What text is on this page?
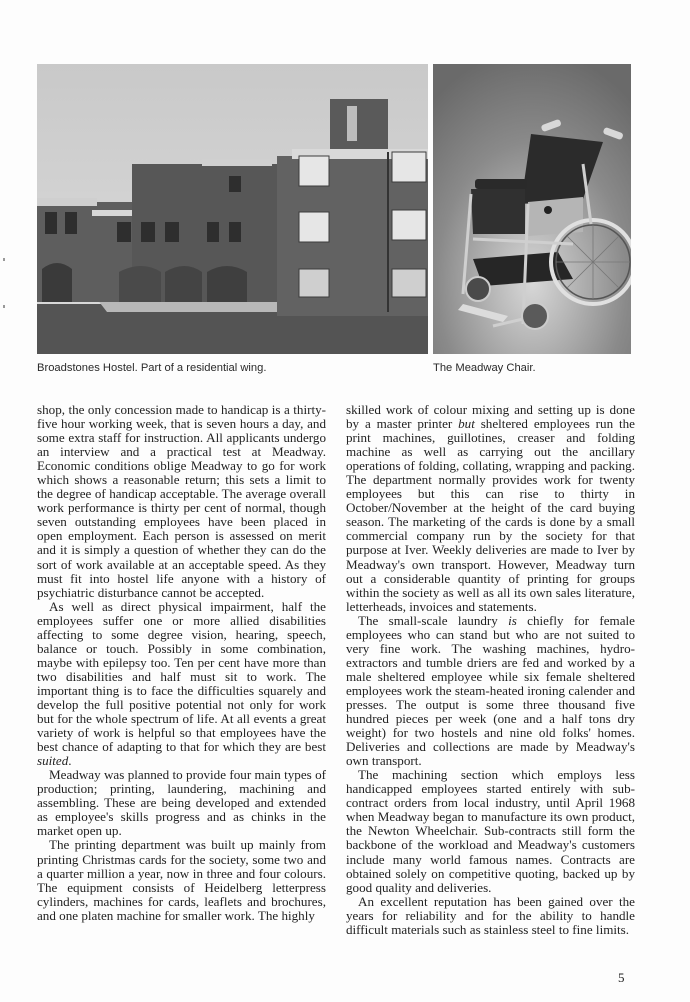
Broadstones Hostel. Part of a residential wing.	The Meadway Chair.

shop, the only concession made to handicap is a thirty-five hour working week, that is seven hours a day, and some extra staff for instruction. All applicants undergo an interview and a practical test at Meadway. Economic conditions oblige Meadway to go for work which shows a reasonable return; this sets a limit to the degree of handicap acceptable. The average overall work performance is thirty per cent of normal, though seven outstanding employees have been placed in open employment. Each person is assessed on merit and it is simply a question of whether they can do the sort of work available at an acceptable speed. As they must fit into hostel life anyone with a history of psychiatric disturbance cannot be accepted.

As well as direct physical impairment, half the employees suffer one or more allied disabilities affecting to some degree vision, hearing, speech, balance or touch. Possibly in some combination, maybe with epilepsy too. Ten per cent have more than two disabilities and half must sit to work. The important thing is to face the difficulties squarely and develop the full positive potential not only for work but for the whole spectrum of life. At all events a great variety of work is helpful so that employees have the best chance of adapting to that for which they are best suited.

Meadway was planned to provide four main types of production; printing, laundering, machining and assembling. These are being developed and extended as employee's skills progress and as chinks in the market open up.

The printing department was built up mainly from printing Christmas cards for the society, some two and a quarter million a year, now in three and four colours. The equipment consists of Heidelberg letterpress cylinders, machines for cards, leaflets and brochures, and one platen machine for smaller work. The highly

skilled work of colour mixing and setting up is done by a master printer but sheltered employees run the print machines, guillotines, creaser and folding machine as well as carrying out the ancillary operations of folding, collating, wrapping and packing. The department normally provides work for twenty employees but this can rise to thirty in October/November at the height of the card buying season. The marketing of the cards is done by a small commercial company run by the society for that purpose at Iver. Weekly deliveries are made to Iver by Meadway's own transport. However, Meadway turn out a considerable quantity of printing for groups within the society as well as all its own sales literature, letterheads, invoices and statements.

The small-scale laundry is chiefly for female employees who can stand but who are not suited to very fine work. The washing machines, hydro-extractors and tumble driers are fed and worked by a male sheltered employee while six female sheltered employees work the steam-heated ironing calender and presses. The output is some three thousand five hundred pieces per week (one and a half tons dry weight) for two hostels and nine old folks' homes. Deliveries and collections are made by Meadway's own transport.

The machining section which employs less handicapped employees started entirely with sub-contract orders from local industry, until April 1968 when Meadway began to manufacture its own product, the Newton Wheelchair. Sub-contracts still form the backbone of the workload and Meadway's customers include many world famous names. Contracts are obtained solely on competitive quoting, backed up by good quality and deliveries.

An excellent reputation has been gained over the years for reliability and for the ability to handle difficult materials such as stainless steel to fine limits.

5
